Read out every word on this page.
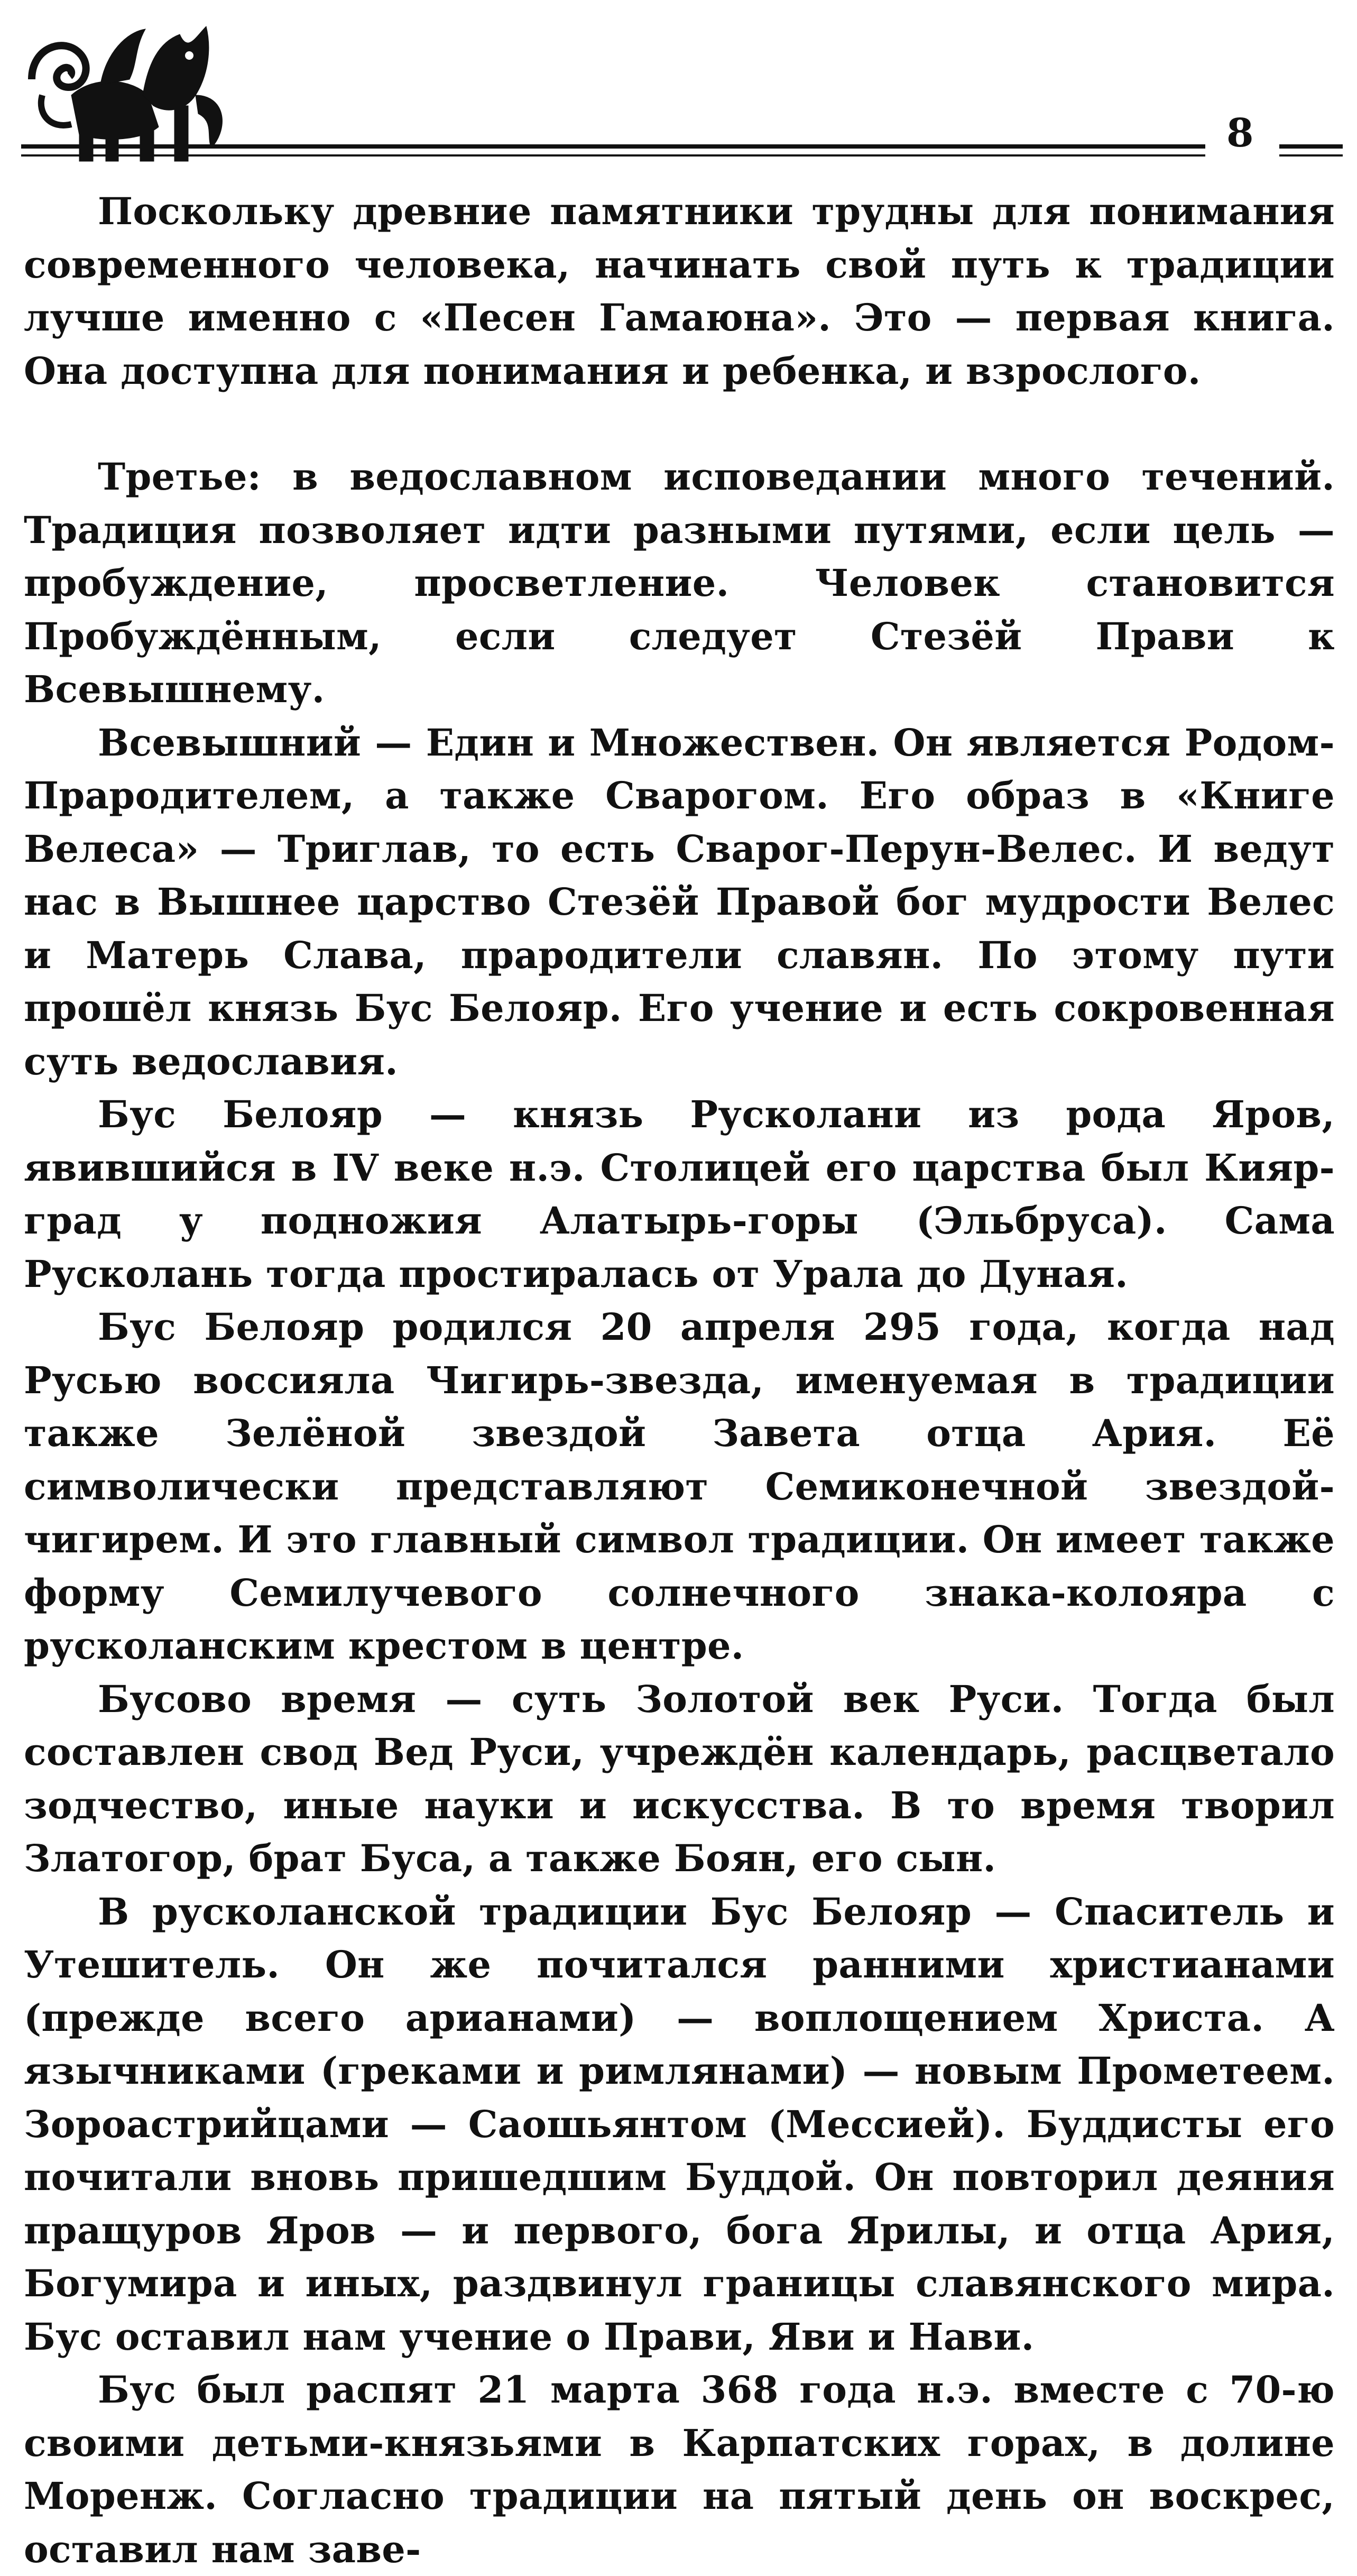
8

Поскольку древние памятники трудны для понимания современного человека, начинать свой путь к традиции лучше именно с «Песен Гамаюна». Это — первая книга. Она доступна для понимания и ребенка, и взрослого.

Третье: в ведославном исповедании много течений. Традиция позволяет идти разными путями, если цель — пробуждение, просветление. Человек становится Пробуждённым, если следует Стезёй Прави к Всевышнему.

Всевышний — Един и Множествен. Он является Родом-Прародителем, а также Сварогом. Его образ в «Книге Велеса» — Триглав, то есть Сварог-Перун-Велес. И ведут нас в Вышнее царство Стезёй Правой бог мудрости Велес и Матерь Слава, прародители славян. По этому пути прошёл князь Бус Белояр. Его учение и есть сокровенная суть ведославия.

Бус Белояр — князь Русколани из рода Яров, явившийся в IV веке н.э. Столицей его царства был Кияр-град у подножия Алатырь-горы (Эльбруса). Сама Русколань тогда простиралась от Урала до Дуная.

Бус Белояр родился 20 апреля 295 года, когда над Русью воссияла Чигирь-звезда, именуемая в традиции также Зелёной звездой Завета отца Ария. Её символически представляют Семиконечной звездой-чигирем. И это главный символ традиции. Он имеет также форму Семилучевого солнечного знака-колояра с русколанским крестом в центре.

Бусово время — суть Золотой век Руси. Тогда был составлен свод Вед Руси, учреждён календарь, расцветало зодчество, иные науки и искусства. В то время творил Златогор, брат Буса, а также Боян, его сын.

В русколанской традиции Бус Белояр — Спаситель и Утешитель. Он же почитался ранними христианами (прежде всего арианами) — воплощением Христа. А язычниками (греками и римлянами) — новым Прометеем. Зороастрийцами — Саошьянтом (Мессией). Буддисты его почитали вновь пришедшим Буддой. Он повторил деяния пращуров Яров — и первого, бога Ярилы, и отца Ария, Богумира и иных, раздвинул границы славянского мира. Бус оставил нам учение о Прави, Яви и Нави.

Бус был распят 21 марта 368 года н.э. вместе с 70-ю своими детьми-князьями в Карпатских горах, в долине Моренж. Согласно традиции на пятый день он воскрес, оставил нам заве-
